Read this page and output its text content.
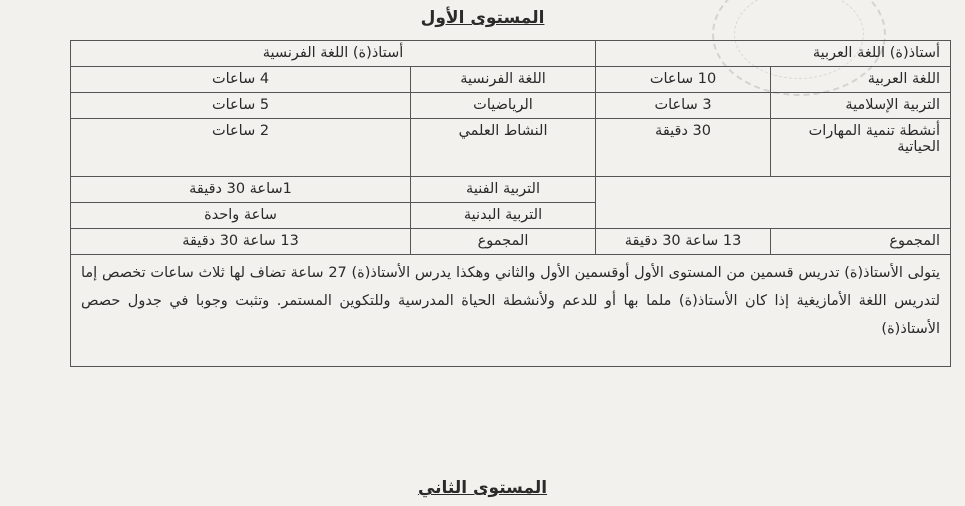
المستوى الأول
أستاذ(ة) اللغة العربية		أستاذ(ة) اللغة الفرنسية	
اللغة العربية	10 ساعات	اللغة الفرنسية	4 ساعات
التربية الإسلامية	3 ساعات	الرياضيات	5 ساعات
أنشطة تنمية المهارات الحياتية	30 دقيقة	النشاط العلمي	2 ساعات
		التربية الفنية	1ساعة 30 دقيقة
		التربية البدنية	ساعة واحدة
المجموع	13 ساعة 30 دقيقة	المجموع	13 ساعة 30 دقيقة
يتولى الأستاذ(ة) تدريس قسمين من المستوى الأول أوقسمين الأول والثاني وهكذا يدرس الأستاذ(ة) 27 ساعة تضاف لها ثلاث ساعات تخصص إما لتدريس اللغة الأمازيغية إذا كان الأستاذ(ة) ملما بها أو للدعم ولأنشطة الحياة المدرسية وللتكوين المستمر. وتثبت وجوبا في جدول حصص الأستاذ(ة)			
المستوى الثاني
